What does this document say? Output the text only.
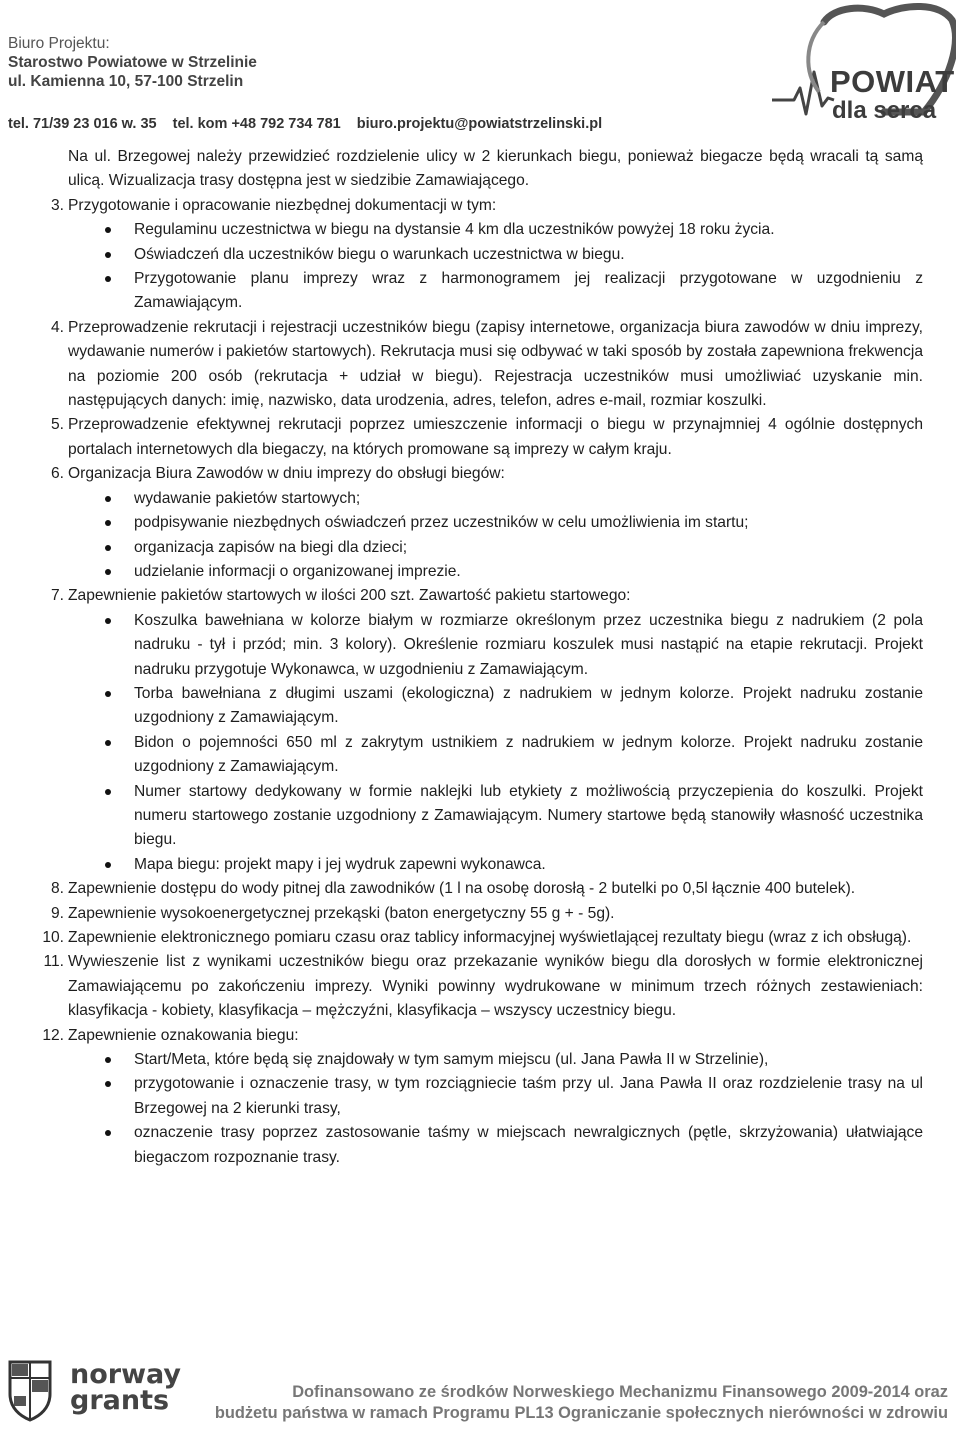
Biuro Projektu:
Starostwo Powiatowe w Strzelinie
ul. Kamienna 10, 57-100 Strzelin
tel. 71/39 23 016 w. 35 tel. kom +48 792 734 781 biuro.projektu@powiatstrzelinski.pl
POWIAT
dla serca

Na ul. Brzegowej należy przewidzieć rozdzielenie ulicy w 2 kierunkach biegu, ponieważ biegacze będą wracali tą samą ulicą. Wizualizacja trasy dostępna jest w siedzibie Zamawiającego.

3. Przygotowanie i opracowanie niezbędnej dokumentacji w tym:

Regulaminu uczestnictwa w biegu na dystansie 4 km dla uczestników powyżej 18 roku życia.
Oświadczeń dla uczestników biegu o warunkach uczestnictwa w biegu.
Przygotowanie planu imprezy wraz z harmonogramem jej realizacji przygotowane w uzgodnieniu z Zamawiającym.
4. Przeprowadzenie rekrutacji i rejestracji uczestników biegu (zapisy internetowe, organizacja biura zawodów w dniu imprezy, wydawanie numerów i pakietów startowych). Rekrutacja musi się odbywać w taki sposób by została zapewniona frekwencja na poziomie 200 osób (rekrutacja + udział w biegu). Rejestracja uczestników musi umożliwiać uzyskanie min. następujących danych: imię, nazwisko, data urodzenia, adres, telefon, adres e-mail, rozmiar koszulki.

5. Przeprowadzenie efektywnej rekrutacji poprzez umieszczenie informacji o biegu w przynajmniej 4 ogólnie dostępnych portalach internetowych dla biegaczy, na których promowane są imprezy w całym kraju.

6. Organizacja Biura Zawodów w dniu imprezy do obsługi biegów:

wydawanie pakietów startowych;
podpisywanie niezbędnych oświadczeń przez uczestników w celu umożliwienia im startu;
organizacja zapisów na biegi dla dzieci;
udzielanie informacji o organizowanej imprezie.
7. Zapewnienie pakietów startowych w ilości 200 szt. Zawartość pakietu startowego:

Koszulka bawełniana w kolorze białym w rozmiarze określonym przez uczestnika biegu z nadrukiem (2 pola nadruku - tył i przód; min. 3 kolory). Określenie rozmiaru koszulek musi nastąpić na etapie rekrutacji. Projekt nadruku przygotuje Wykonawca, w uzgodnieniu z Zamawiającym.
Torba bawełniana z długimi uszami (ekologiczna) z nadrukiem w jednym kolorze. Projekt nadruku zostanie uzgodniony z Zamawiającym.
Bidon o pojemności 650 ml z zakrytym ustnikiem z nadrukiem w jednym kolorze. Projekt nadruku zostanie uzgodniony z Zamawiającym.
Numer startowy dedykowany w formie naklejki lub etykiety z możliwością przyczepienia do koszulki. Projekt numeru startowego zostanie uzgodniony z Zamawiającym. Numery startowe będą stanowiły własność uczestnika biegu.
Mapa biegu: projekt mapy i jej wydruk zapewni wykonawca.
8. Zapewnienie dostępu do wody pitnej dla zawodników (1 l na osobę dorosłą - 2 butelki po 0,5l łącznie 400 butelek).

9. Zapewnienie wysokoenergetycznej przekąski (baton energetyczny 55 g + - 5g).

10. Zapewnienie elektronicznego pomiaru czasu oraz tablicy informacyjnej wyświetlającej rezultaty biegu (wraz z ich obsługą).

11. Wywieszenie list z wynikami uczestników biegu oraz przekazanie wyników biegu dla dorosłych w formie elektronicznej Zamawiającemu po zakończeniu imprezy. Wyniki powinny wydrukowane w minimum trzech różnych zestawieniach: klasyfikacja - kobiety, klasyfikacja – mężczyźni, klasyfikacja – wszyscy uczestnicy biegu.

12. Zapewnienie oznakowania biegu:

Start/Meta, które będą się znajdowały w tym samym miejscu (ul. Jana Pawła II w Strzelinie),
przygotowanie i oznaczenie trasy, w tym rozciągniecie taśm przy ul. Jana Pawła II oraz rozdzielenie trasy na ul Brzegowej na 2 kierunki trasy,
oznaczenie trasy poprzez zastosowanie taśmy w miejscach newralgicznych (pętle, skrzyżowania) ułatwiające biegaczom rozpoznanie trasy.
norway
grants	Dofinansowano ze środków Norweskiego Mechanizmu Finansowego 2009-2014 oraz
budżetu państwa w ramach Programu PL13 Ograniczanie społecznych nierówności w zdrowiu
